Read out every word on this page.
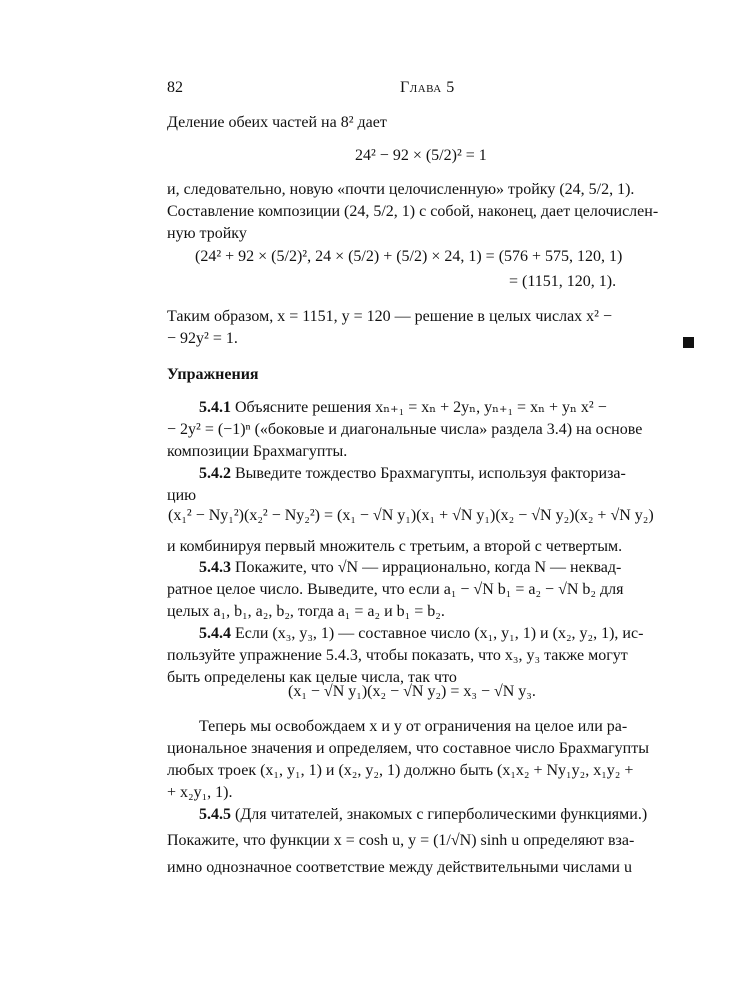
82	Глава 5
Деление обеих частей на 8² дает
24² − 92 × (5/2)² = 1
и, следовательно, новую «почти целочисленную» тройку (24, 5/2, 1).
Составление композиции (24, 5/2, 1) с собой, наконец, дает целочислен-
ную тройку
(24² + 92 × (5/2)², 24 × (5/2) + (5/2) × 24, 1) = (576 + 575, 120, 1)
= (1151, 120, 1).
Таким образом, x = 1151, y = 120 — решение в целых числах x² −
− 92y² = 1.
Упражнения
5.4.1 Объясните решения xₙ₊₁ = xₙ + 2yₙ, yₙ₊₁ = xₙ + yₙ x² −
− 2y² = (−1)ⁿ («боковые и диагональные числа» раздела 3.4) на основе
композиции Брахмагупты.
5.4.2 Выведите тождество Брахмагупты, используя факториза-
цию
(x₁² − Ny₁²)(x₂² − Ny₂²) = (x₁ − √N y₁)(x₁ + √N y₁)(x₂ − √N y₂)(x₂ + √N y₂)
и комбинируя первый множитель с третьим, а второй с четвертым.
5.4.3 Покажите, что √N — иррационально, когда N — неквад-
ратное целое число. Выведите, что если a₁ − √N b₁ = a₂ − √N b₂ для
целых a₁, b₁, a₂, b₂, тогда a₁ = a₂ и b₁ = b₂.
5.4.4 Если (x₃, y₃, 1) — составное число (x₁, y₁, 1) и (x₂, y₂, 1), ис-
пользуйте упражнение 5.4.3, чтобы показать, что x₃, y₃ также могут
быть определены как целые числа, так что
(x₁ − √N y₁)(x₂ − √N y₂) = x₃ − √N y₃.
Теперь мы освобождаем x и y от ограничения на целое или ра-
циональное значения и определяем, что составное число Брахмагупты
любых троек (x₁, y₁, 1) и (x₂, y₂, 1) должно быть (x₁x₂ + Ny₁y₂, x₁y₂ +
+ x₂y₁, 1).
5.4.5 (Для читателей, знакомых с гиперболическими функциями.)
Покажите, что функции x = cosh u, y = (1/√N) sinh u определяют вза-
имно однозначное соответствие между действительными числами u
